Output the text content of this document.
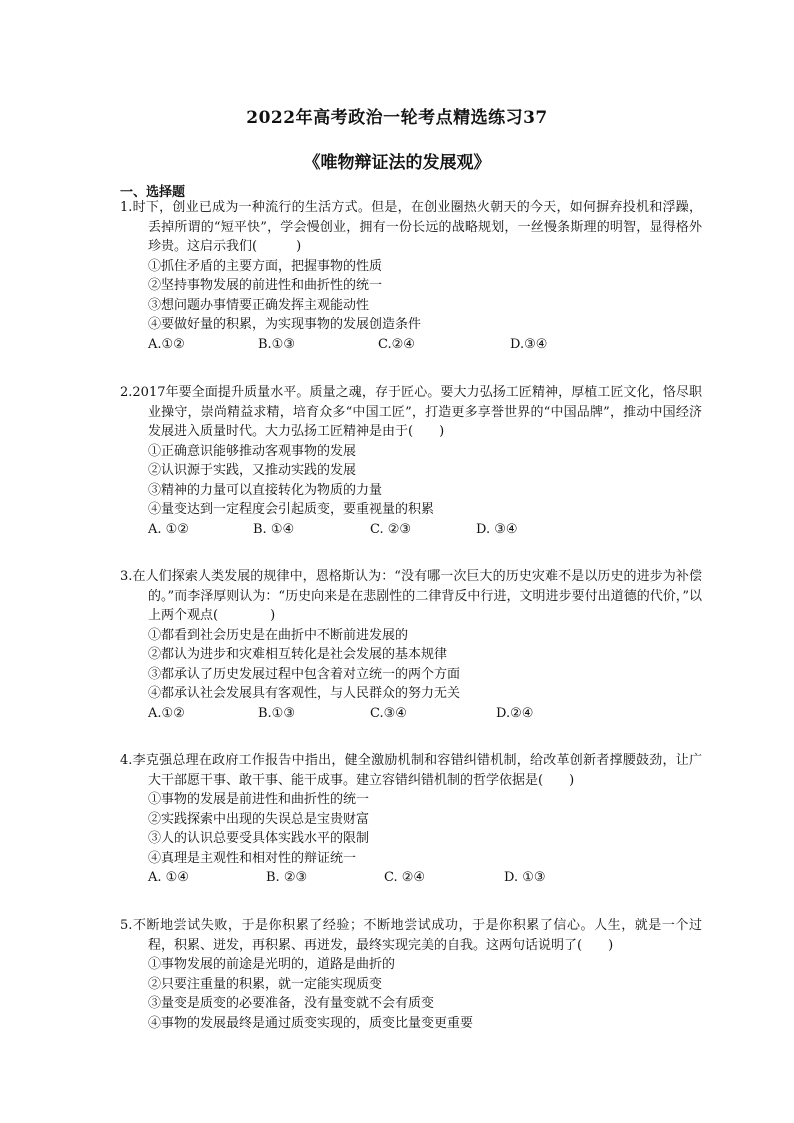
2022年高考政治一轮考点精选练习37
《唯物辩证法的发展观》
一、选择题

1.时下，创业已成为一种流行的生活方式。但是，在创业圈热火朝天的今天，如何摒弃投机和浮躁，丢掉所谓的“短平快”，学会慢创业，拥有一份长远的战略规划，一丝慢条斯理的明智，显得格外珍贵。这启示我们(　　　)

①抓住矛盾的主要方面，把握事物的性质

②坚持事物发展的前进性和曲折性的统一

③想问题办事情要正确发挥主观能动性

④要做好量的积累，为实现事物的发展创造条件

A.①②	B.①③	C.②④	D.③④

2.2017年要全面提升质量水平。质量之魂，存于匠心。要大力弘扬工匠精神，厚植工匠文化，恪尽职业操守，崇尚精益求精，培育众多“中国工匠”，打造更多享誉世界的“中国品牌”，推动中国经济发展进入质量时代。大力弘扬工匠精神是由于(　　)

①正确意识能够推动客观事物的发展

②认识源于实践，又推动实践的发展

③精神的力量可以直接转化为物质的力量

④量变达到一定程度会引起质变，要重视量的积累

A. ①②	B. ①④	C. ②③	D. ③④

3.在人们探索人类发展的规律中，恩格斯认为：“没有哪一次巨大的历史灾难不是以历史的进步为补偿的。”而李泽厚则认为：“历史向来是在悲剧性的二律背反中行进，文明进步要付出道德的代价，”以上两个观点(　　　　)

①都看到社会历史是在曲折中不断前进发展的

②都认为进步和灾难相互转化是社会发展的基本规律

③都承认了历史发展过程中包含着对立统一的两个方面

④都承认社会发展具有客观性，与人民群众的努力无关

A.①②	B.①③	C.③④	D.②④

4.李克强总理在政府工作报告中指出，健全激励机制和容错纠错机制，给改革创新者撑腰鼓劲，让广大干部愿干事、敢干事、能干成事。建立容错纠错机制的哲学依据是(　　)

①事物的发展是前进性和曲折性的统一

②实践探索中出现的失误总是宝贵财富

③人的认识总要受具体实践水平的限制

④真理是主观性和相对性的辩证统一

A. ①④	B. ②③	C. ②④	D. ①③

5.不断地尝试失败，于是你积累了经验；不断地尝试成功，于是你积累了信心。人生，就是一个过程，积累、迸发，再积累、再迸发，最终实现完美的自我。这两句话说明了(　　)

①事物发展的前途是光明的，道路是曲折的

②只要注重量的积累，就一定能实现质变

③量变是质变的必要准备，没有量变就不会有质变

④事物的发展最终是通过质变实现的，质变比量变更重要
